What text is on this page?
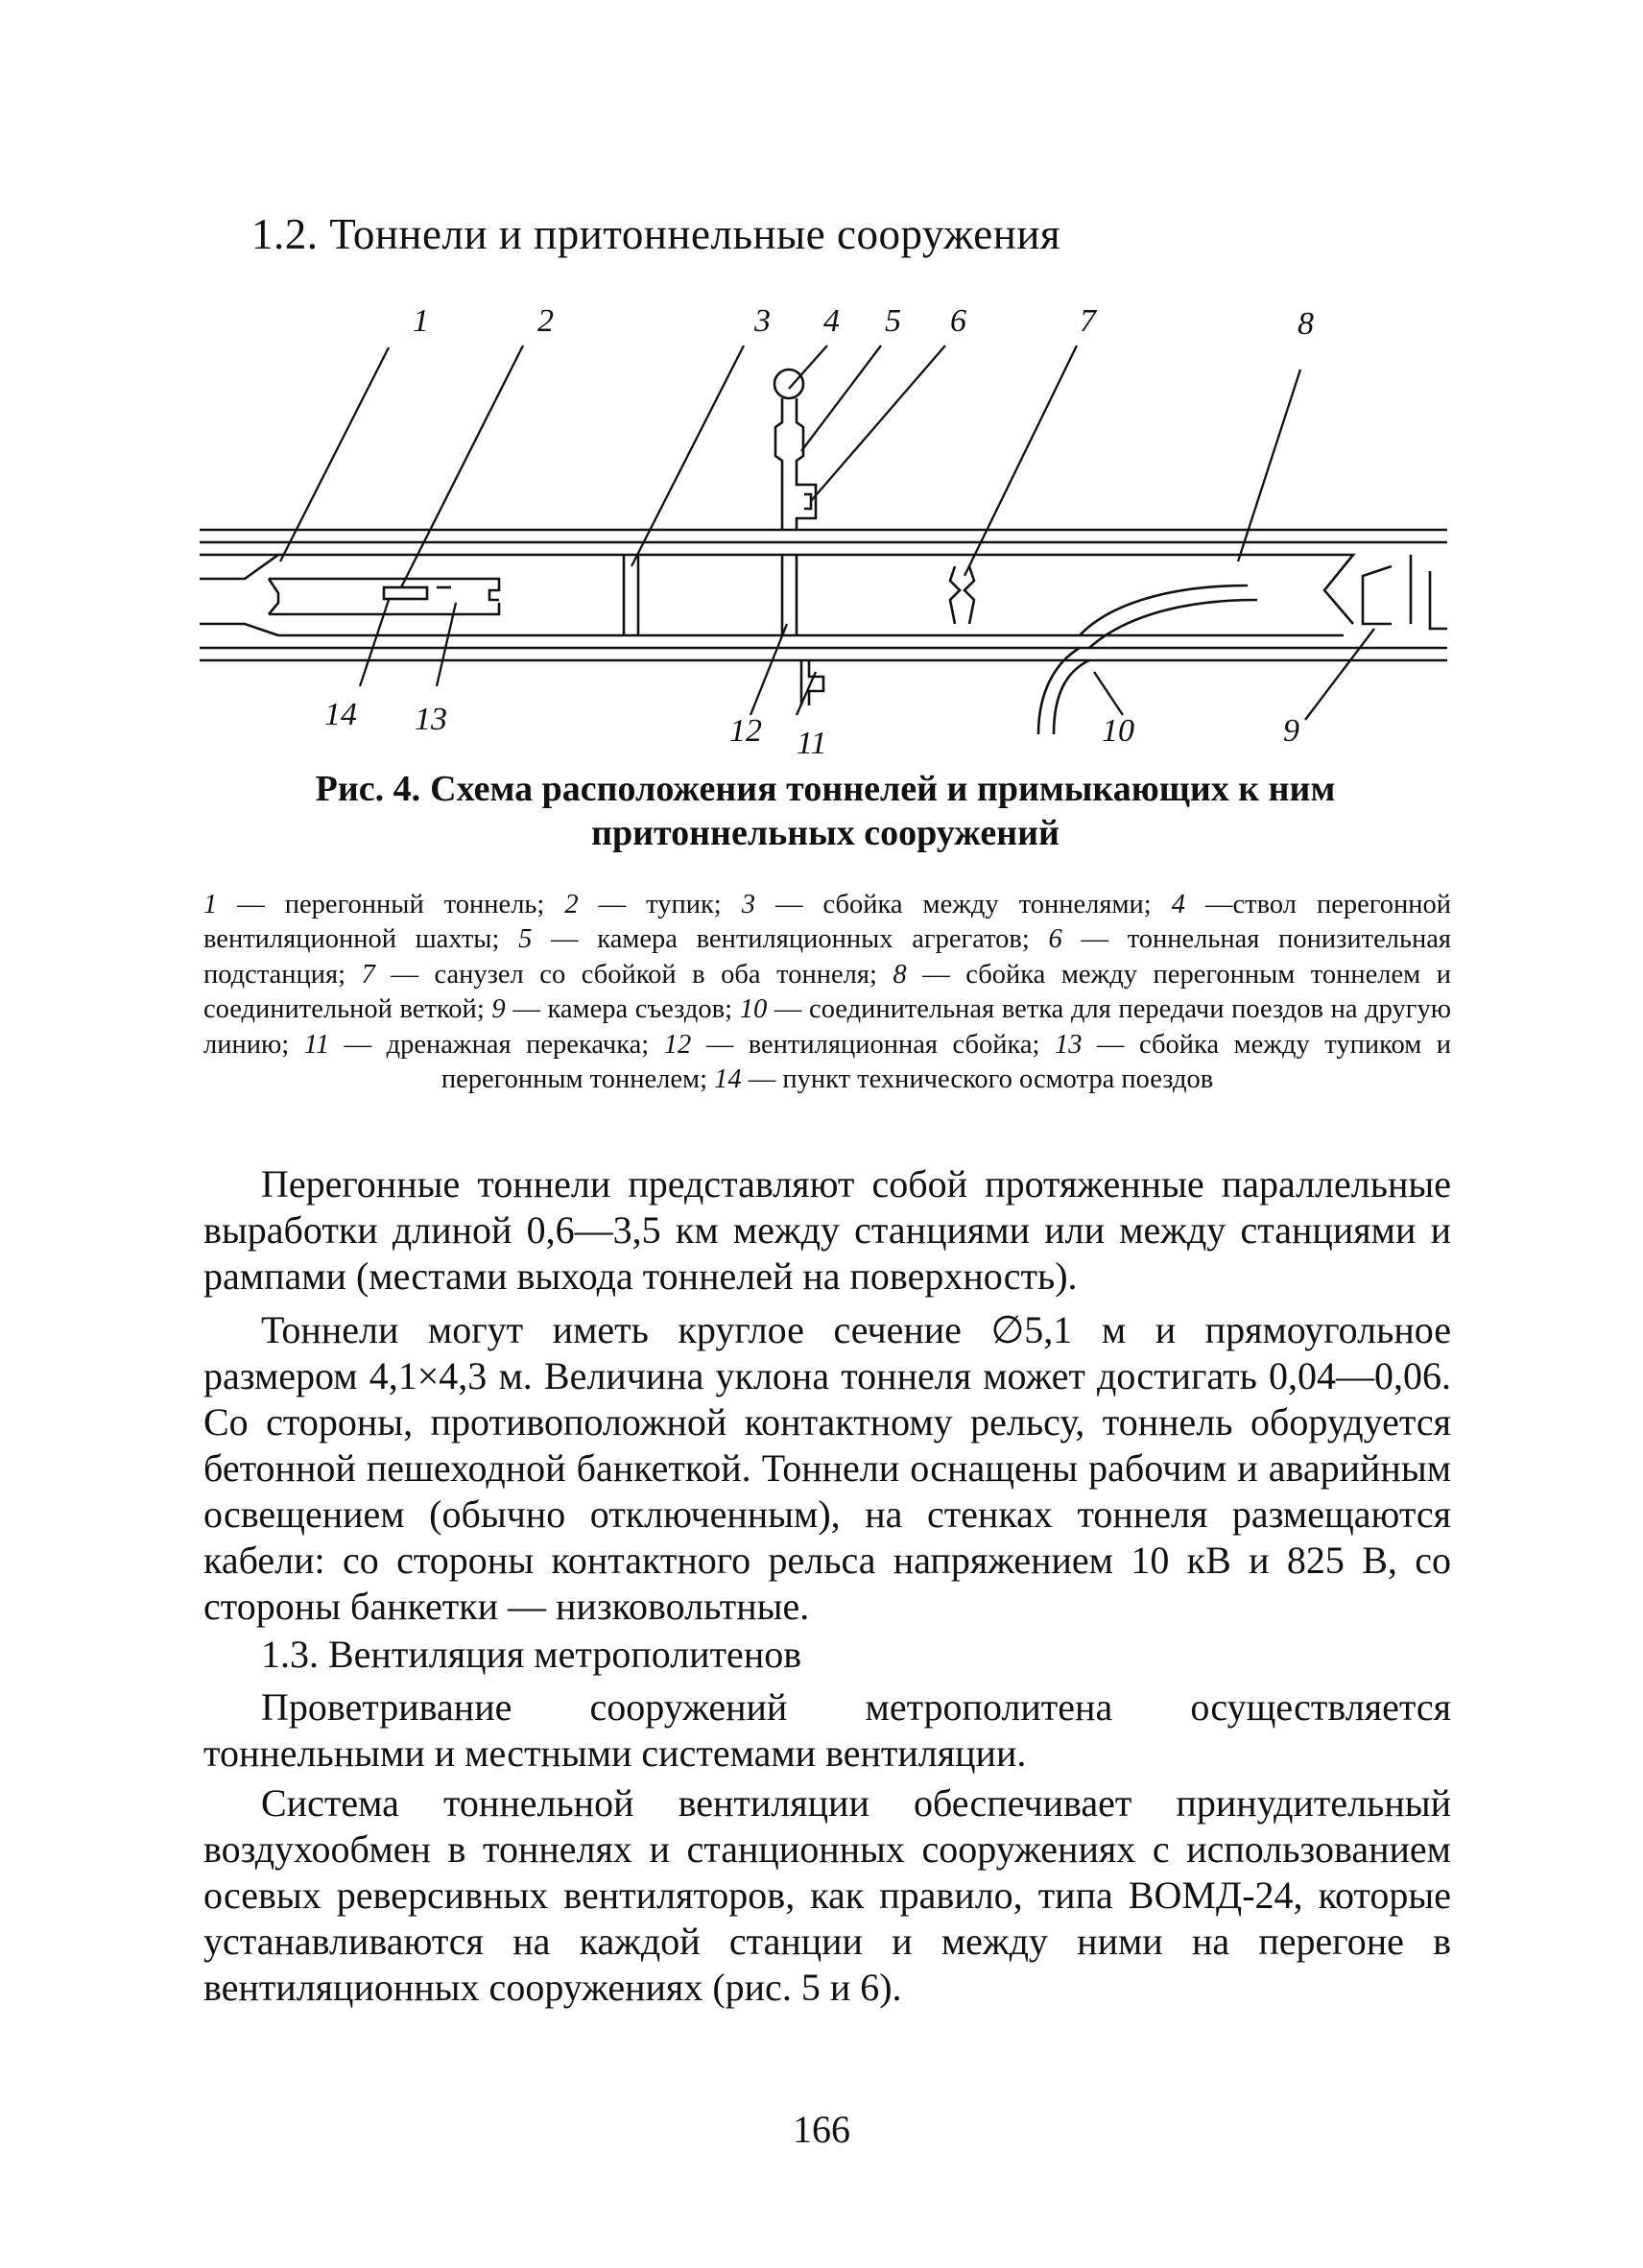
1.2. Тоннели и притоннельные сооружения
1	2	3 4 5 6	7	8
9
10
11
12
13
14
Рис. 4. Схема расположения тоннелей и примыкающих к ним притоннельных сооружений
1 — перегонный тоннель; 2 — тупик; 3 — сбойка между тоннелями; 4 —ствол перегонной вентиляционной шахты; 5 — камера вентиляционных агрегатов; 6 — тоннельная понизительная подстанция; 7 — санузел со сбойкой в оба тоннеля; 8 — сбойка между перегонным тоннелем и соединительной веткой; 9 — камера съездов; 10 — соединительная ветка для передачи поездов на другую линию; 11 — дренажная перекачка; 12 — вентиляционная сбойка; 13 — сбойка между тупиком и перегонным тоннелем; 14 — пункт технического осмотра поездов

Перегонные тоннели представляют собой протяженные параллельные выработки длиной 0,6—3,5 км между станциями или между станциями и рампами (местами выхода тоннелей на поверхность).

Тоннели могут иметь круглое сечение ∅5,1 м и прямоугольное размером 4,1×4,3 м. Величина уклона тоннеля может достигать 0,04—0,06. Со стороны, противоположной контактному рельсу, тоннель оборудуется бетонной пешеходной банкеткой. Тоннели оснащены рабочим и аварийным освещением (обычно отключенным), на стенках тоннеля размещаются кабели: со стороны контактного рельса напряжением 10 кВ и 825 В, со стороны банкетки — низковольтные.

1.3. Вентиляция метрополитенов

Проветривание сооружений метрополитена осуществляется тоннельными и местными системами вентиляции.

Система тоннельной вентиляции обеспечивает принудительный воздухообмен в тоннелях и станционных сооружениях с использованием осевых реверсивных вентиляторов, как правило, типа ВОМД-24, которые устанавливаются на каждой станции и между ними на перегоне в вентиляционных сооружениях (рис. 5 и 6).

166
